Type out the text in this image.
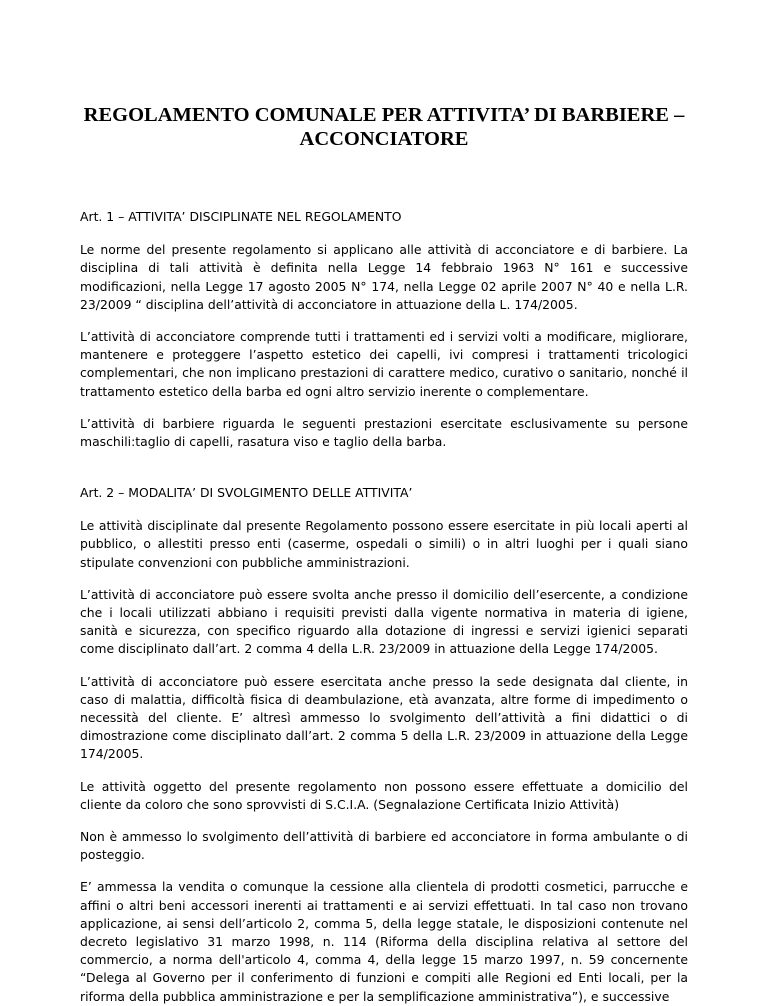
REGOLAMENTO COMUNALE PER ATTIVITA’ DI BARBIERE –
ACCONCIATORE

Art. 1 – ATTIVITA’ DISCIPLINATE NEL REGOLAMENTO

Le norme del presente regolamento si applicano alle attività di acconciatore e di barbiere. La disciplina di tali attività è definita nella Legge 14 febbraio 1963 N° 161 e successive modificazioni, nella Legge 17 agosto 2005 N° 174, nella Legge 02 aprile 2007 N° 40 e nella L.R. 23/2009 “ disciplina dell’attività di acconciatore in attuazione della L. 174/2005.

L’attività di acconciatore comprende tutti i trattamenti ed i servizi volti a modificare, migliorare, mantenere e proteggere l’aspetto estetico dei capelli, ivi compresi i trattamenti tricologici complementari, che non implicano prestazioni di carattere medico, curativo o sanitario, nonché il trattamento estetico della barba ed ogni altro servizio inerente o complementare.

L’attività di barbiere riguarda le seguenti prestazioni esercitate esclusivamente su persone maschili:taglio di capelli, rasatura viso e taglio della barba.

Art. 2 – MODALITA’ DI SVOLGIMENTO DELLE ATTIVITA’

Le attività disciplinate dal presente Regolamento possono essere esercitate in più locali aperti al pubblico, o allestiti presso enti (caserme, ospedali o simili) o in altri luoghi per i quali siano stipulate convenzioni con pubbliche amministrazioni.

L’attività di acconciatore può essere svolta anche presso il domicilio dell’esercente, a condizione che i locali utilizzati abbiano i requisiti previsti dalla vigente normativa in materia di igiene, sanità e sicurezza, con specifico riguardo alla dotazione di ingressi e servizi igienici separati come disciplinato dall’art. 2 comma 4 della L.R. 23/2009 in attuazione della Legge 174/2005.

L’attività di acconciatore può essere esercitata anche presso la sede designata dal cliente, in caso di malattia, difficoltà fisica di deambulazione, età avanzata, altre forme di impedimento o necessità del cliente. E’ altresì ammesso lo svolgimento dell’attività a fini didattici o di dimostrazione come disciplinato dall’art. 2 comma 5 della L.R. 23/2009 in attuazione della Legge 174/2005.

Le attività oggetto del presente regolamento non possono essere effettuate a domicilio del cliente da coloro che sono sprovvisti di S.C.I.A. (Segnalazione Certificata Inizio Attività)

Non è ammesso lo svolgimento dell’attività di barbiere ed acconciatore in forma ambulante o di posteggio.

E’ ammessa la vendita o comunque la cessione alla clientela di prodotti cosmetici, parrucche e affini o altri beni accessori inerenti ai trattamenti e ai servizi effettuati. In tal caso non trovano applicazione, ai sensi dell’articolo 2, comma 5, della legge statale, le disposizioni contenute nel decreto legislativo 31 marzo 1998, n. 114 (Riforma della disciplina relativa al settore del commercio, a norma dell'articolo 4, comma 4, della legge 15 marzo 1997, n. 59 concernente “Delega al Governo per il conferimento di funzioni e compiti alle Regioni ed Enti locali, per la riforma della pubblica amministrazione e per la semplificazione amministrativa”), e successive
